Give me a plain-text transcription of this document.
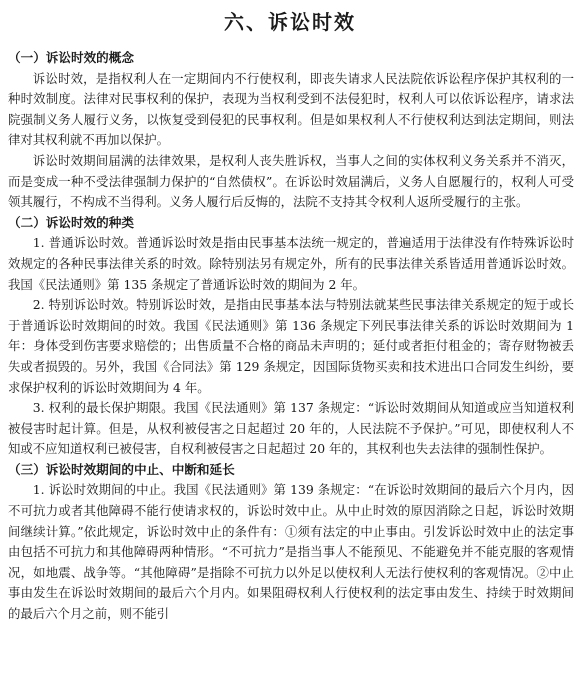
六、诉讼时效
（一）诉讼时效的概念

诉讼时效，是指权利人在一定期间内不行使权利，即丧失请求人民法院依诉讼程序保护其权利的一种时效制度。法律对民事权利的保护，表现为当权利受到不法侵犯时，权利人可以依诉讼程序，请求法院强制义务人履行义务，以恢复受到侵犯的民事权利。但是如果权利人不行使权利达到法定期间，则法律对其权利就不再加以保护。

诉讼时效期间届满的法律效果，是权利人丧失胜诉权，当事人之间的实体权利义务关系并不消灭，而是变成一种不受法律强制力保护的“自然债权”。在诉讼时效届满后，义务人自愿履行的，权利人可受领其履行，不构成不当得利。义务人履行后反悔的，法院不支持其令权利人返所受履行的主张。

（二）诉讼时效的种类

1. 普通诉讼时效。普通诉讼时效是指由民事基本法统一规定的，普遍适用于法律没有作特殊诉讼时效规定的各种民事法律关系的时效。除特别法另有规定外，所有的民事法律关系皆适用普通诉讼时效。我国《民法通则》第 135 条规定了普通诉讼时效的期间为 2 年。

2. 特别诉讼时效。特别诉讼时效，是指由民事基本法与特别法就某些民事法律关系规定的短于或长于普通诉讼时效期间的时效。我国《民法通则》第 136 条规定下列民事法律关系的诉讼时效期间为 1 年：身体受到伤害要求赔偿的；出售质量不合格的商品未声明的；延付或者拒付租金的；寄存财物被丢失或者损毁的。另外，我国《合同法》第 129 条规定，因国际货物买卖和技术进出口合同发生纠纷，要求保护权利的诉讼时效期间为 4 年。

3. 权利的最长保护期限。我国《民法通则》第 137 条规定：“诉讼时效期间从知道或应当知道权利被侵害时起计算。但是，从权利被侵害之日起超过 20 年的，人民法院不予保护。”可见，即使权利人不知或不应知道权利已被侵害，自权利被侵害之日起超过 20 年的，其权利也失去法律的强制性保护。

（三）诉讼时效期间的中止、中断和延长

1. 诉讼时效期间的中止。我国《民法通则》第 139 条规定：“在诉讼时效期间的最后六个月内，因不可抗力或者其他障碍不能行使请求权的，诉讼时效中止。从中止时效的原因消除之日起，诉讼时效期间继续计算。”依此规定，诉讼时效中止的条件有：①须有法定的中止事由。引发诉讼时效中止的法定事由包括不可抗力和其他障碍两种情形。“不可抗力”是指当事人不能预见、不能避免并不能克服的客观情况，如地震、战争等。“其他障碍”是指除不可抗力以外足以使权利人无法行使权利的客观情况。②中止事由发生在诉讼时效期间的最后六个月内。如果阻碍权利人行使权利的法定事由发生、持续于时效期间的最后六个月之前，则不能引
